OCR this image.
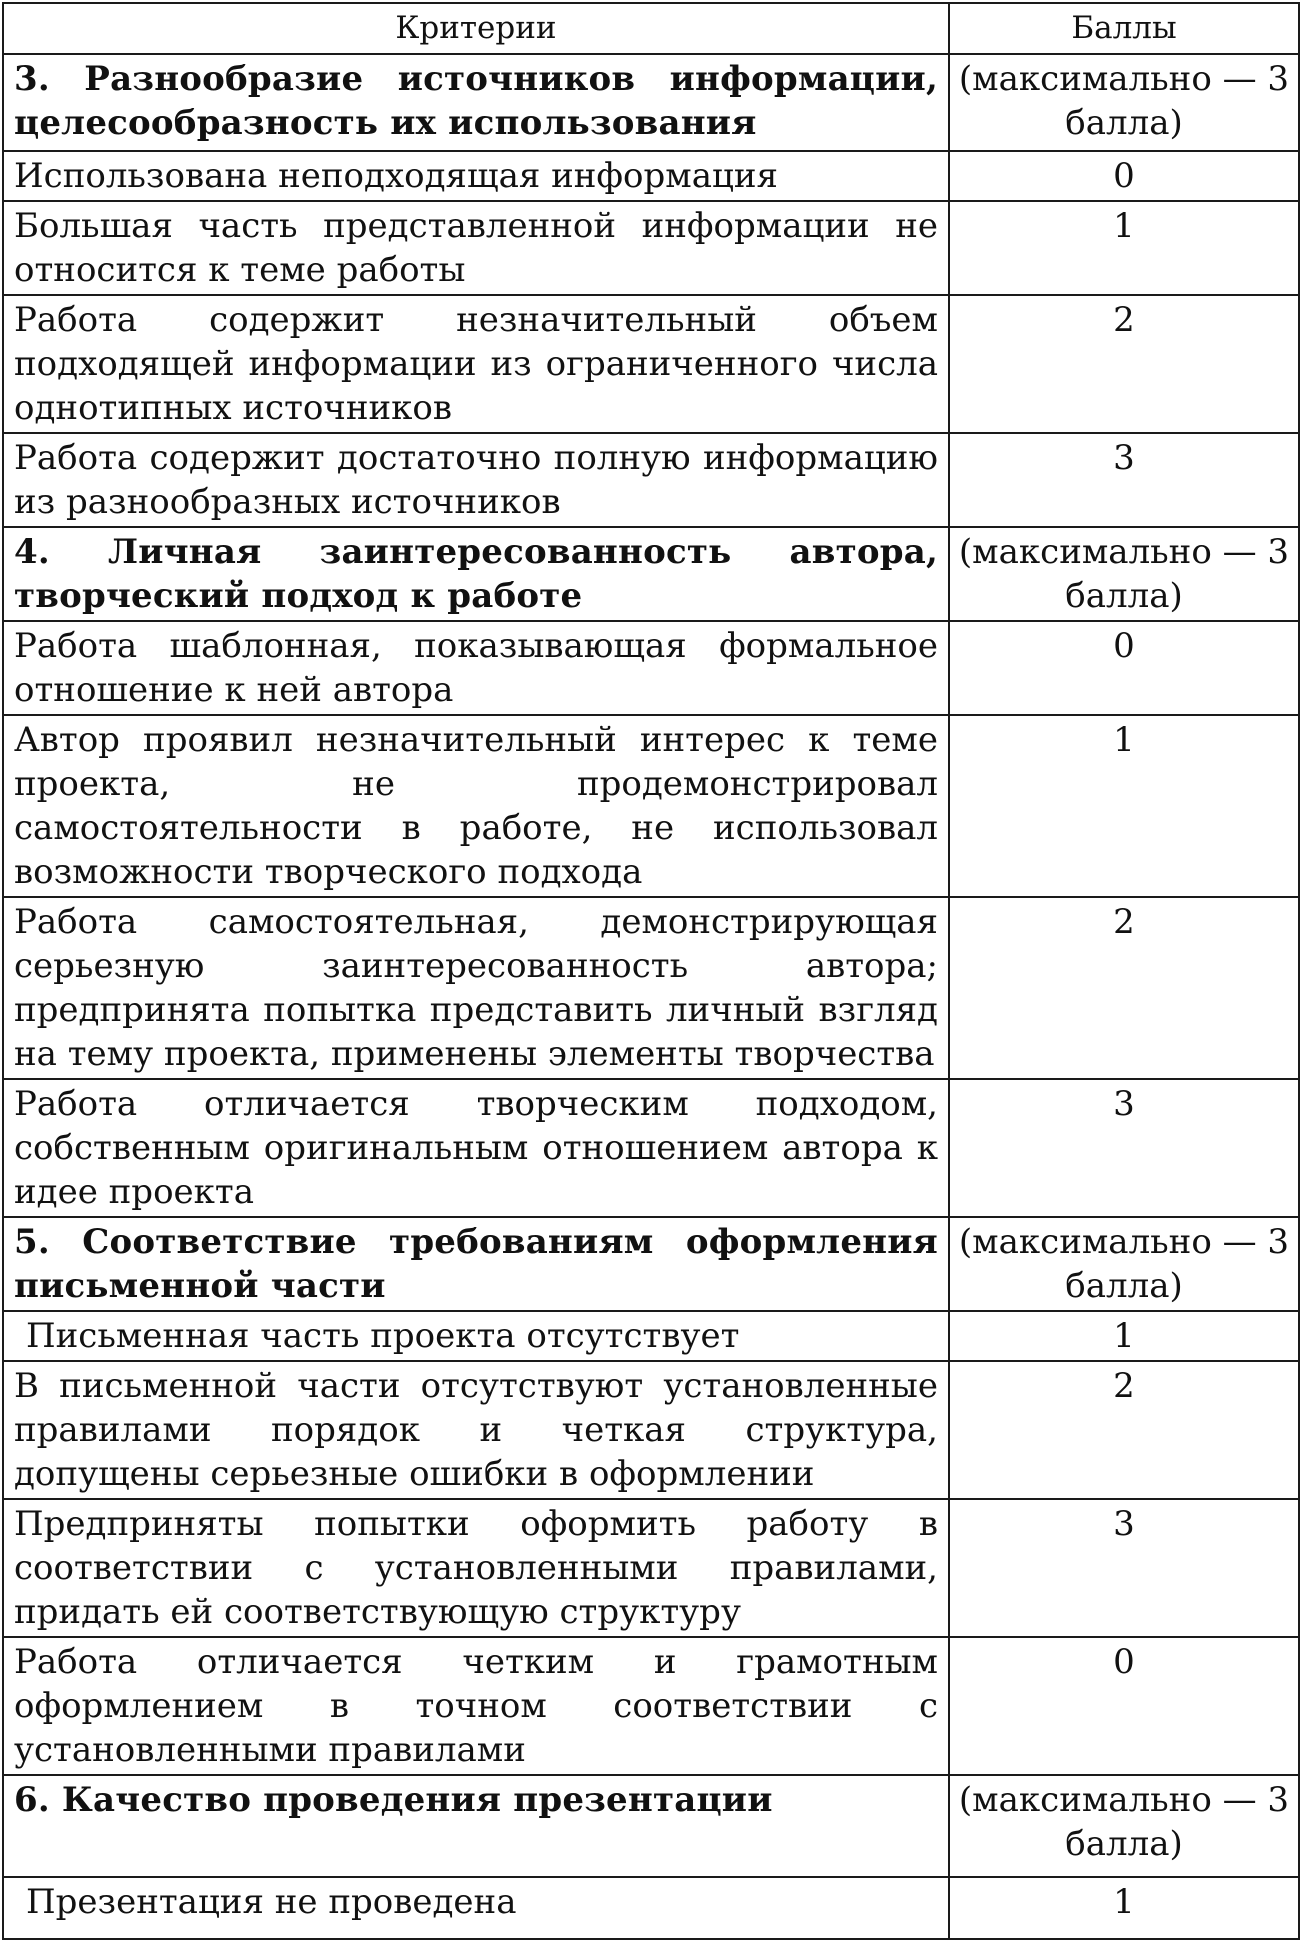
Критерии	Баллы

3. Разнообразие источников информации, целесообразность их использования	(максимально — 3 балла)

Использована неподходящая информация	0

Большая часть представленной информации не относится к теме работы	1

Работа содержит незначительный объем подходящей информации из ограниченного числа однотипных источников	2

Работа содержит достаточно полную информацию из разнообразных источников	3

4. Личная заинтересованность автора, творческий подход к работе	(максимально — 3 балла)

Работа шаблонная, показывающая формальное отношение к ней автора	0

Автор проявил незначительный интерес к теме проекта, не продемонстрировал самостоятельности в работе, не использовал возможности творческого подхода	1

Работа самостоятельная, демонстрирующая серьезную заинтересованность автора; предпринята попытка представить личный взгляд на тему проекта, применены элементы творчества	2

Работа отличается творческим подходом, собственным оригинальным отношением автора к идее проекта	3

5. Соответствие требованиям оформления письменной части	(максимально — 3 балла)

Письменная часть проекта отсутствует	1

В письменной части отсутствуют установленные правилами порядок и четкая структура, допущены серьезные ошибки в оформлении	2

Предприняты попытки оформить работу в соответствии с установленными правилами, придать ей соответствующую структуру	3

Работа отличается четким и грамотным оформлением в точном соответствии с установленными правилами	0

6. Качество проведения презентации	(максимально — 3 балла)

Презентация не проведена	1
